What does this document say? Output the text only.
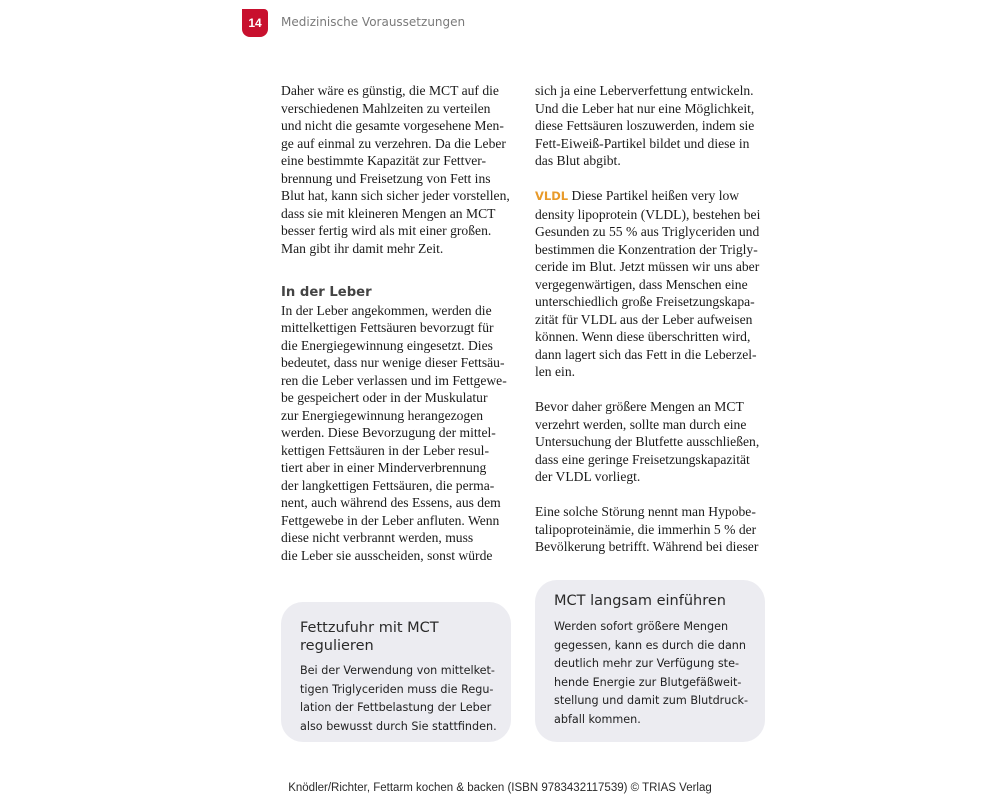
14	Medizinische Voraussetzungen

Daher wäre es günstig, die MCT auf die
verschiedenen Mahlzeiten zu verteilen
und nicht die gesamte vorgesehene Men-
ge auf einmal zu verzehren. Da die Leber
eine bestimmte Kapazität zur Fettver-
brennung und Freisetzung von Fett ins
Blut hat, kann sich sicher jeder vorstellen,
dass sie mit kleineren Mengen an MCT
besser fertig wird als mit einer großen.
Man gibt ihr damit mehr Zeit.

In der Leber

In der Leber angekommen, werden die
mittelkettigen Fettsäuren bevorzugt für
die Energiegewinnung eingesetzt. Dies
bedeutet, dass nur wenige dieser Fettsäu-
ren die Leber verlassen und im Fettgewe-
be gespeichert oder in der Muskulatur
zur Energiegewinnung herangezogen
werden. Diese Bevorzugung der mittel-
kettigen Fettsäuren in der Leber resul-
tiert aber in einer Minderverbrennung
der langkettigen Fettsäuren, die perma-
nent, auch während des Essens, aus dem
Fettgewebe in der Leber anfluten. Wenn
diese nicht verbrannt werden, muss
die Leber sie ausscheiden, sonst würde

sich ja eine Leberverfettung entwickeln.
Und die Leber hat nur eine Möglichkeit,
diese Fettsäuren loszuwerden, indem sie
Fett-Eiweiß-Partikel bildet und diese in
das Blut abgibt.

VLDL Diese Partikel heißen very low
density lipoprotein (VLDL), bestehen bei
Gesunden zu 55 % aus Triglyceriden und
bestimmen die Konzentration der Trigly-
ceride im Blut. Jetzt müssen wir uns aber
vergegenwärtigen, dass Menschen eine
unterschiedlich große Freisetzungskapa-
zität für VLDL aus der Leber aufweisen
können. Wenn diese überschritten wird,
dann lagert sich das Fett in die Leberzel-
len ein.

Bevor daher größere Mengen an MCT
verzehrt werden, sollte man durch eine
Untersuchung der Blutfette ausschließen,
dass eine geringe Freisetzungskapazität
der VLDL vorliegt.

Eine solche Störung nennt man Hypobe-
talipoproteinämie, die immerhin 5 % der
Bevölkerung betrifft. Während bei dieser

Fettzufuhr mit MCT
regulieren
Bei der Verwendung von mittelket-
tigen Triglyceriden muss die Regu-
lation der Fettbelastung der Leber
also bewusst durch Sie stattfinden.
MCT langsam einführen
Werden sofort größere Mengen
gegessen, kann es durch die dann
deutlich mehr zur Verfügung ste-
hende Energie zur Blutgefäßweit-
stellung und damit zum Blutdruck-
abfall kommen.
Knödler/Richter, Fettarm kochen & backen (ISBN 9783432117539) © TRIAS Verlag
